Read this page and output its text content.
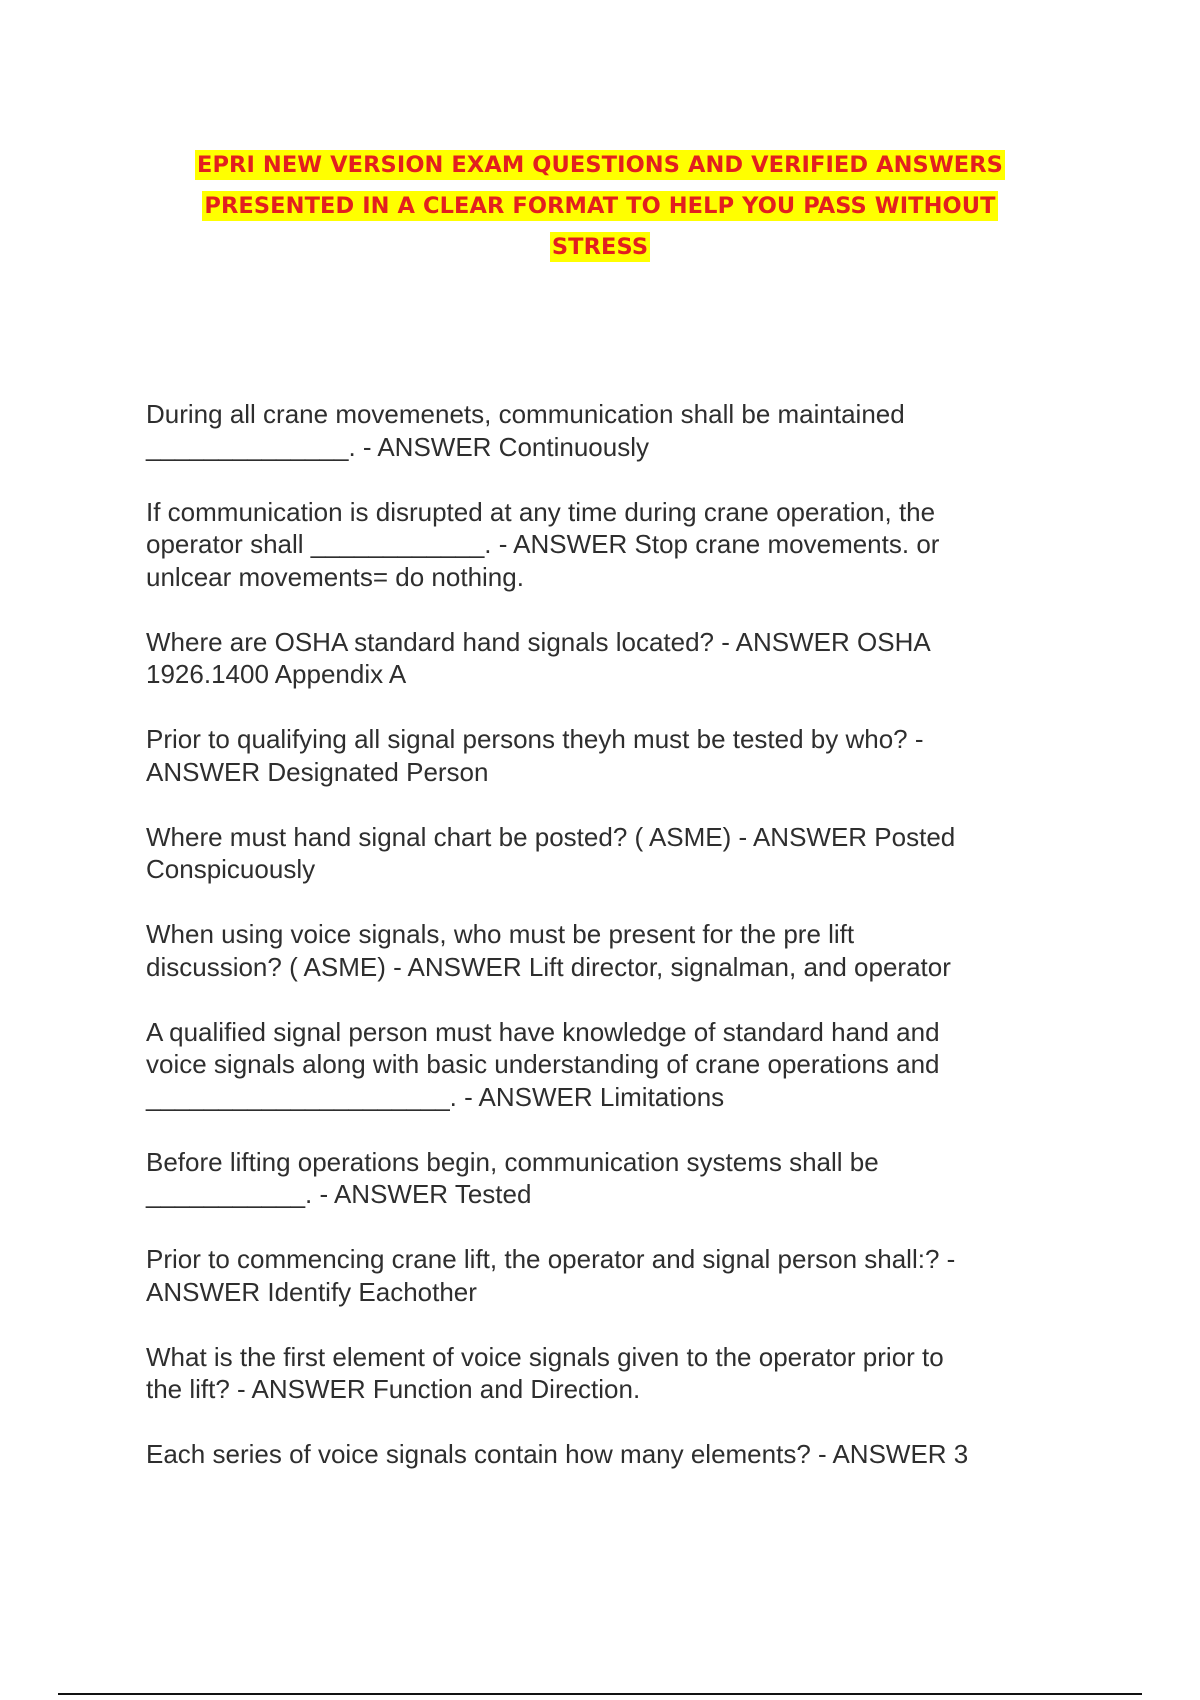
EPRI NEW VERSION EXAM QUESTIONS AND VERIFIED ANSWERS
PRESENTED IN A CLEAR FORMAT TO HELP YOU PASS WITHOUT
STRESS
During all crane movemenets, communication shall be maintained
______________. - ANSWER Continuously
If communication is disrupted at any time during crane operation, the
operator shall ____________. - ANSWER Stop crane movements. or
unlcear movements= do nothing.
Where are OSHA standard hand signals located? - ANSWER OSHA
1926.1400 Appendix A
Prior to qualifying all signal persons theyh must be tested by who? -
ANSWER Designated Person
Where must hand signal chart be posted? ( ASME) - ANSWER Posted
Conspicuously
When using voice signals, who must be present for the pre lift
discussion? ( ASME) - ANSWER Lift director, signalman, and operator
A qualified signal person must have knowledge of standard hand and
voice signals along with basic understanding of crane operations and
_____________________. - ANSWER Limitations
Before lifting operations begin, communication systems shall be
___________. - ANSWER Tested
Prior to commencing crane lift, the operator and signal person shall:? -
ANSWER Identify Eachother
What is the first element of voice signals given to the operator prior to
the lift? - ANSWER Function and Direction.
Each series of voice signals contain how many elements? - ANSWER 3
